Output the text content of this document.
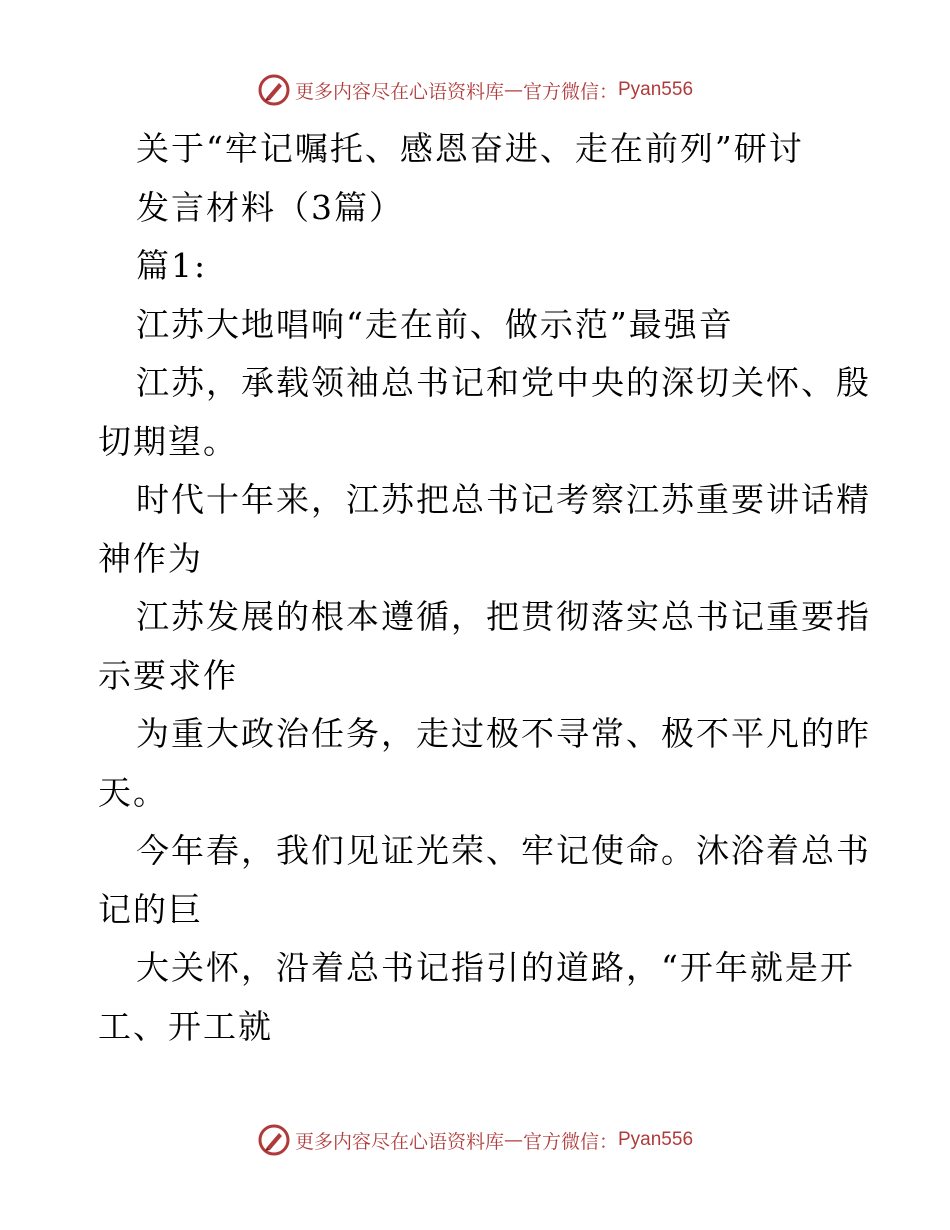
更多内容尽在心语资料库 — 官方微信： Pyan556
关于“牢记嘱托、感恩奋进、走在前列”研讨
发言材料（3篇）
篇1:
江苏大地唱响“走在前、做示范”最强音
江苏，承载领袖总书记和党中央的深切关怀、殷
切期望。
时代十年来，江苏把总书记考察江苏重要讲话精
神作为
江苏发展的根本遵循，把贯彻落实总书记重要指
示要求作
为重大政治任务，走过极不寻常、极不平凡的昨
天。
今年春，我们见证光荣、牢记使命。沐浴着总书
记的巨
大关怀，沿着总书记指引的道路，“开年就是开
工、开工就
更多内容尽在心语资料库 — 官方微信： Pyan556
